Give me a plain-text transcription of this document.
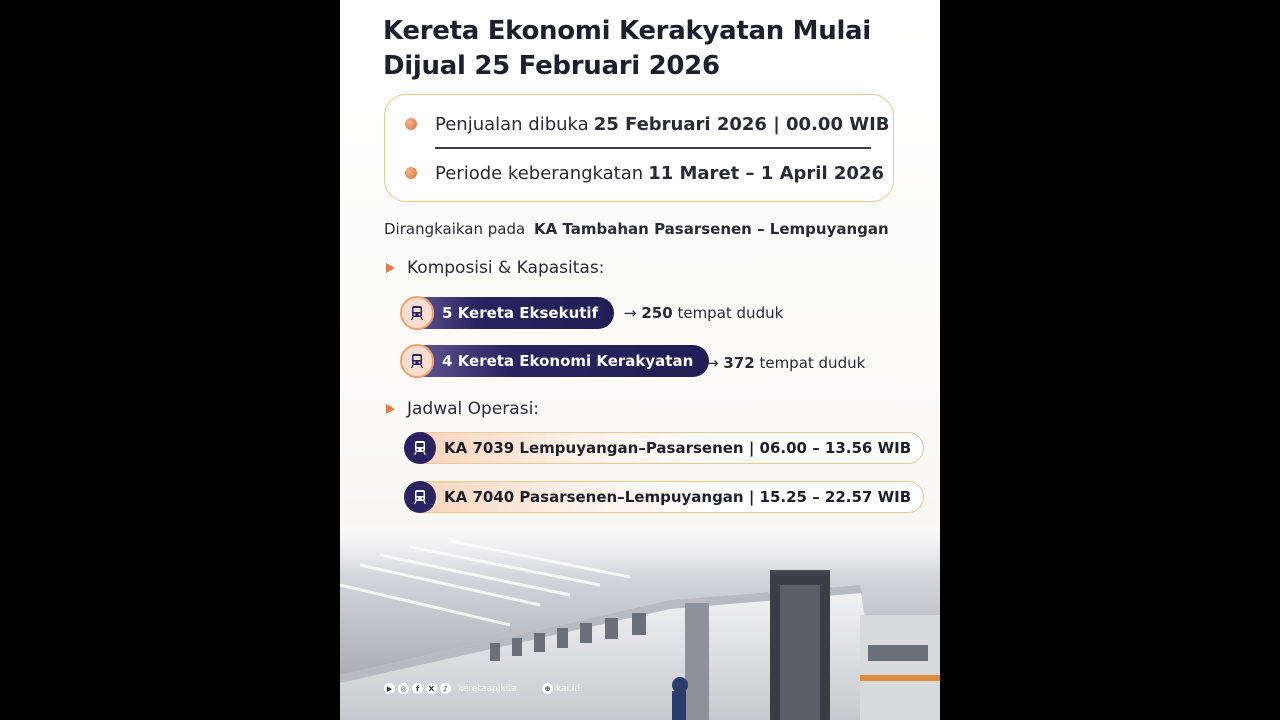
Kereta Ekonomi Kerakyatan Mulai Dijual 25 Februari 2026
Penjualan dibuka 25 Februari 2026 | 00.00 WIB
Periode keberangkatan 11 Maret – 1 April 2026
Dirangkaikan pada KA Tambahan Pasarsenen – Lempuyangan
Komposisi & Kapasitas:
5 Kereta Eksekutif	→ 250 tempat duduk
4 Kereta Ekonomi Kerakyatan → 372 tempat duduk
Jadwal Operasi:
KA 7039 Lempuyangan–Pasarsenen | 06.00 – 13.56 WIB
KA 7040 Pasarsenen–Lempuyangan | 15.25 – 22.57 WIB
▶	◎	f	X	♪	keretaapikita	⊕ kai.id
